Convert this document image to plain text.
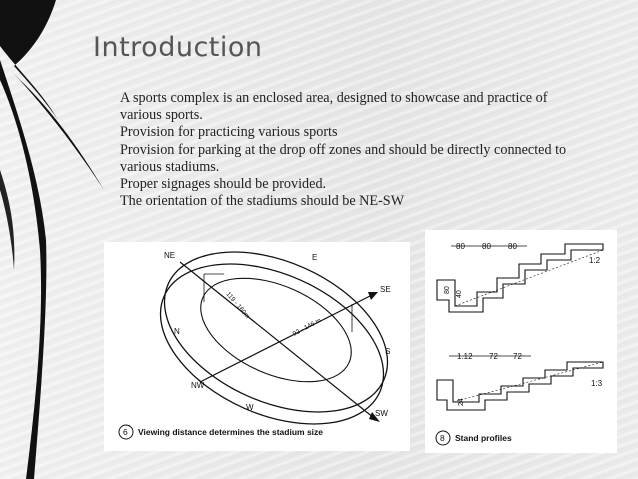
Introduction

A sports complex is an enclosed area, designed to showcase and practice of various sports.

Provision for practicing various sports

Provision for parking at the drop off zones and should be directly connected to various stadiums.

Proper signages should be provided.

The orientation of the stadiums should be NE-SW

NE	E
SE
N
S
NW
W
SW
119 - 160m
92 - 146 m
6 Viewing distance determines the stadium size
80 80 80
1:2
80
40
1.12 72 72
1:3
24
8 Stand profiles
